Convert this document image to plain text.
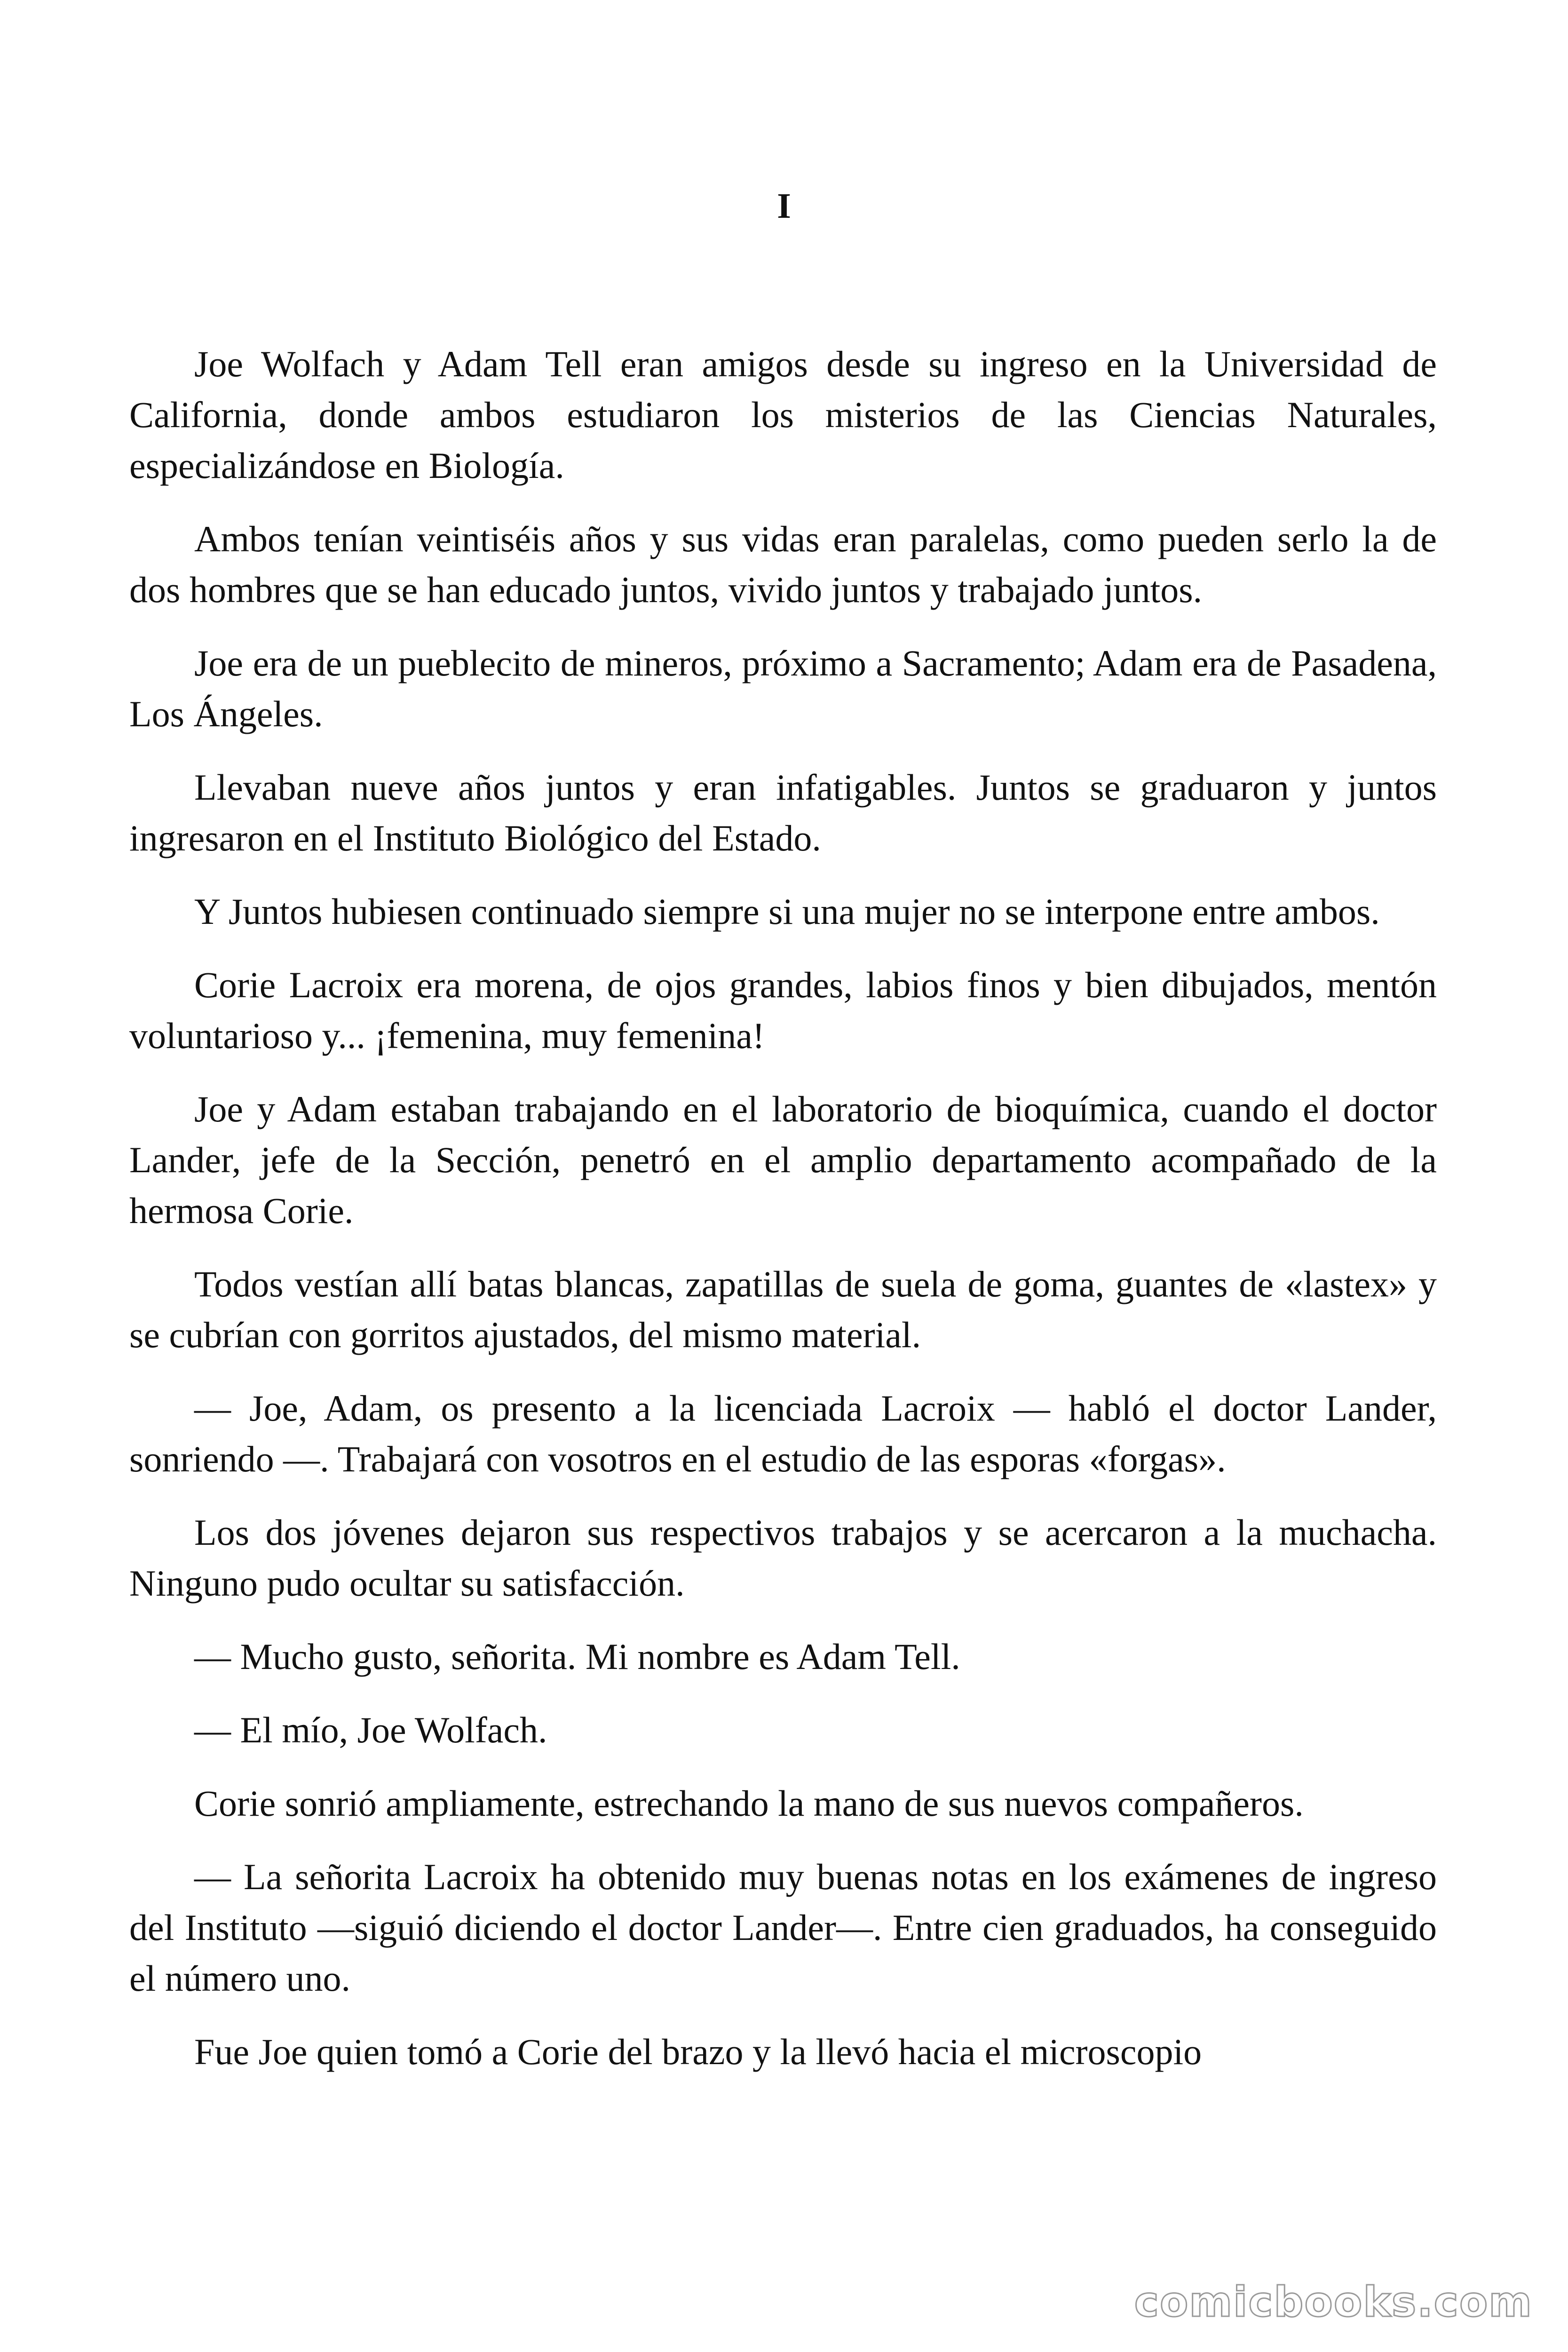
I

Joe Wolfach y Adam Tell eran amigos desde su ingreso en la Universidad de California, donde ambos estudiaron los misterios de las Ciencias Naturales, especializándose en Biología.

Ambos tenían veintiséis años y sus vidas eran paralelas, como pueden serlo la de dos hombres que se han educado juntos, vivido juntos y trabajado juntos.

Joe era de un pueblecito de mineros, próximo a Sacramento; Adam era de Pasadena, Los Ángeles.

Llevaban nueve años juntos y eran infatigables. Juntos se graduaron y juntos ingresaron en el Instituto Biológico del Estado.

Y Juntos hubiesen continuado siempre si una mujer no se interpone entre ambos.

Corie Lacroix era morena, de ojos grandes, labios finos y bien dibujados, mentón voluntarioso y... ¡femenina, muy femenina!

Joe y Adam estaban trabajando en el laboratorio de bioquímica, cuando el doctor Lander, jefe de la Sección, penetró en el amplio departamento acompañado de la hermosa Corie.

Todos vestían allí batas blancas, zapatillas de suela de goma, guantes de «lastex» y se cubrían con gorritos ajustados, del mismo material.

— Joe, Adam, os presento a la licenciada Lacroix — habló el doctor Lander, sonriendo —. Trabajará con vosotros en el estudio de las esporas «forgas».

Los dos jóvenes dejaron sus respectivos trabajos y se acercaron a la muchacha. Ninguno pudo ocultar su satisfacción.

— Mucho gusto, señorita. Mi nombre es Adam Tell.

— El mío, Joe Wolfach.

Corie sonrió ampliamente, estrechando la mano de sus nuevos compañeros.

— La señorita Lacroix ha obtenido muy buenas notas en los exámenes de ingreso del Instituto —siguió diciendo el doctor Lander—. Entre cien graduados, ha conseguido el número uno.

Fue Joe quien tomó a Corie del brazo y la llevó hacia el microscopio

comicbooks.com
